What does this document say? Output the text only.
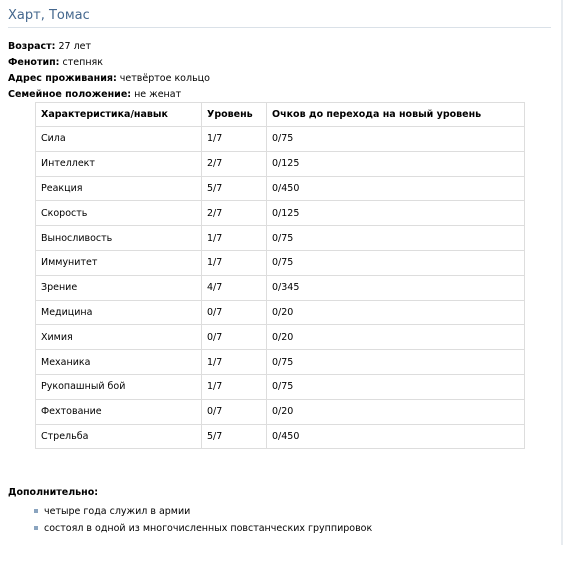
Харт, Томас
Возраст: 27 лет
Фенотип: степняк
Адрес проживания: четвёртое кольцо
Семейное положение: не женат
Характеристика/навык	Уровень	Очков до перехода на новый уровень
Сила	1/7	0/75
Интеллект	2/7	0/125
Реакция	5/7	0/450
Скорость	2/7	0/125
Выносливость	1/7	0/75
Иммунитет	1/7	0/75
Зрение	4/7	0/345
Медицина	0/7	0/20
Химия	0/7	0/20
Механика	1/7	0/75
Рукопашный бой	1/7	0/75
Фехтование	0/7	0/20
Стрельба	5/7	0/450
Дополнительно:
четыре года служил в армии
состоял в одной из многочисленных повстанческих группировок
